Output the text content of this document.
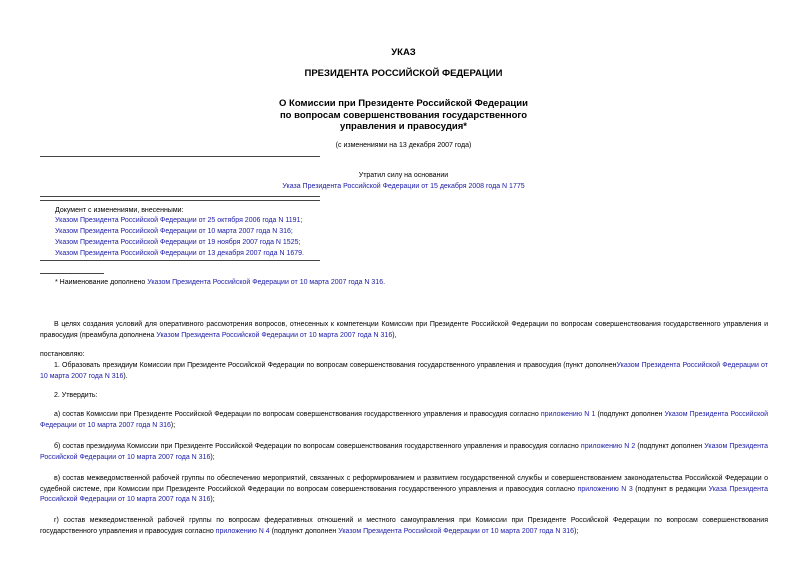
УКАЗ
ПРЕЗИДЕНТА РОССИЙСКОЙ ФЕДЕРАЦИИ
О Комиссии при Президенте Российской Федерации
по вопросам совершенствования государственного
управления и правосудия*
(с изменениями на 13 декабря 2007 года)
Утратил силу на основании
Указа Президента Российской Федерации от 15 декабря 2008 года N 1775
Документ с изменениями, внесенными:
Указом Президента Российской Федерации от 25 октября 2006 года N 1191;
Указом Президента Российской Федерации от 10 марта 2007 года N 316;
Указом Президента Российской Федерации от 19 ноября 2007 года N 1525;
Указом Президента Российской Федерации от 13 декабря 2007 года N 1679.
* Наименование дополнено Указом Президента Российской Федерации от 10 марта 2007 года N 316.
В целях создания условий для оперативного рассмотрения вопросов, отнесенных к компетенции Комиссии при Президенте Российской Федерации по вопросам совершенствования государственного управления и правосудия (преамбула дополнена Указом Президента Российской Федерации от 10 марта 2007 года N 316),
постановляю:
1. Образовать президиум Комиссии при Президенте Российской Федерации по вопросам совершенствования государственного управления и правосудия (пункт дополненУказом Президента Российской Федерации от 10 марта 2007 года N 316).
2. Утвердить:
а) состав Комиссии при Президенте Российской Федерации по вопросам совершенствования государственного управления и правосудия согласно приложению N 1 (подпункт дополнен Указом Президента Российской Федерации от 10 марта 2007 года N 316);
б) состав президиума Комиссии при Президенте Российской Федерации по вопросам совершенствования государственного управления и правосудия согласно приложению N 2 (подпункт дополнен Указом Президента Российской Федерации от 10 марта 2007 года N 316);
в) состав межведомственной рабочей группы по обеспечению мероприятий, связанных с реформированием и развитием государственной службы и совершенствованием законодательства Российской Федерации о судебной системе, при Комиссии при Президенте Российской Федерации по вопросам совершенствования государственного управления и правосудия согласно приложению N 3 (подпункт в редакции Указа Президента Российской Федерации от 10 марта 2007 года N 316);
г) состав межведомственной рабочей группы по вопросам федеративных отношений и местного самоуправления при Комиссии при Президенте Российской Федерации по вопросам совершенствования государственного управления и правосудия согласно приложению N 4 (подпункт дополнен Указом Президента Российской Федерации от 10 марта 2007 года N 316);
